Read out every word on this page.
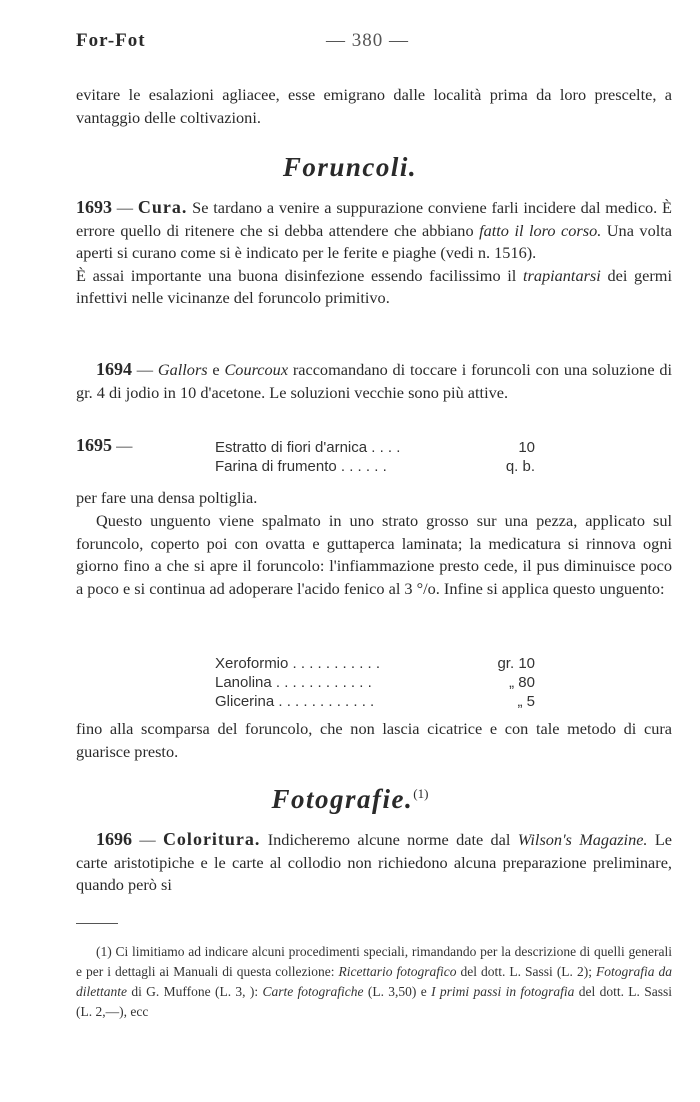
For-Fot	— 380 —
evitare le esalazioni agliacee, esse emigrano dalle località prima da loro prescelte, a vantaggio delle coltivazioni.
Foruncoli.
1693 — Cura. Se tardano a venire a suppurazione conviene farli incidere dal medico. È errore quello di ritenere che si debba attendere che abbiano fatto il loro corso. Una volta aperti si curano come si è indicato per le ferite e piaghe (vedi n. 1516).
È assai importante una buona disinfezione essendo facilissimo il trapiantarsi dei germi infettivi nelle vicinanze del foruncolo primitivo.
1694 — Gallors e Courcoux raccomandano di toccare i foruncoli con una soluzione di gr. 4 di jodio in 10 d'acetone. Le soluzioni vecchie sono più attive.
1695 —	Estratto di fiori d'arnica . . . .	10
Farina di frumento . . . . . .	q. b.
per fare una densa poltiglia.
Questo unguento viene spalmato in uno strato grosso sur una pezza, applicato sul foruncolo, coperto poi con ovatta e guttaperca laminata; la medicatura si rinnova ogni giorno fino a che si apre il foruncolo: l'infiammazione presto cede, il pus diminuisce poco a poco e si continua ad adoperare l'acido fenico al 3 °/o. Infine si applica questo unguento:
Xeroformio . . . . . . . . . . .	gr. 10
Lanolina . . . . . . . . . . . .	„ 80
Glicerina . . . . . . . . . . . .	„ 5
fino alla scomparsa del foruncolo, che non lascia cicatrice e con tale metodo di cura guarisce presto.
Fotografie.$^{(1)}$
1696 — Coloritura. Indicheremo alcune norme date dal Wilson's Magazine. Le carte aristotipiche e le carte al collodio non richiedono alcuna preparazione preliminare, quando però si
(1) Ci limitiamo ad indicare alcuni procedimenti speciali, rimandando per la descrizione di quelli generali e per i dettagli ai Manuali di questa collezione: Ricettario fotografico del dott. L. Sassi (L. 2); Fotografia da dilettante di G. Muffone (L. 3, ): Carte fotografiche (L. 3,50) e I primi passi in fotografia del dott. L. Sassi (L. 2,—), ecc
